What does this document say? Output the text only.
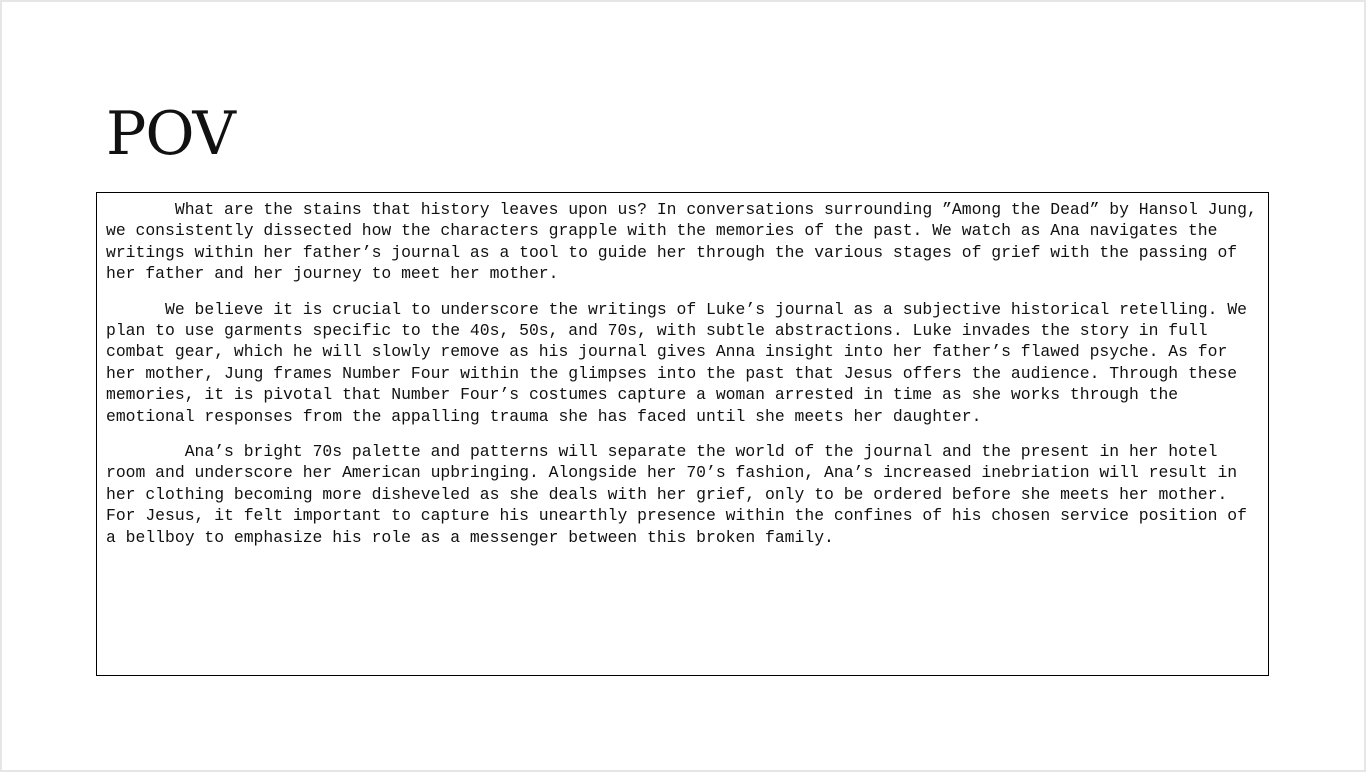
POV

What are the stains that history leaves upon us? In conversations surrounding ”Among the Dead” by Hansol Jung, we consistently dissected how the characters grapple with the memories of the past. We watch as Ana navigates the writings within her father’s journal as a tool to guide her through the various stages of grief with the passing of her father and her journey to meet her mother.

We believe it is crucial to underscore the writings of Luke’s journal as a subjective historical retelling. We plan to use garments specific to the 40s, 50s, and 70s, with subtle abstractions. Luke invades the story in full combat gear, which he will slowly remove as his journal gives Anna insight into her father’s flawed psyche. As for her mother, Jung frames Number Four within the glimpses into the past that Jesus offers the audience. Through these memories, it is pivotal that Number Four’s costumes capture a woman arrested in time as she works through the emotional responses from the appalling trauma she has faced until she meets her daughter.

Ana’s bright 70s palette and patterns will separate the world of the journal and the present in her hotel room and underscore her American upbringing. Alongside her 70’s fashion, Ana’s increased inebriation will result in her clothing becoming more disheveled as she deals with her grief, only to be ordered before she meets her mother. For Jesus, it felt important to capture his unearthly presence within the confines of his chosen service position of a bellboy to emphasize his role as a messenger between this broken family.
